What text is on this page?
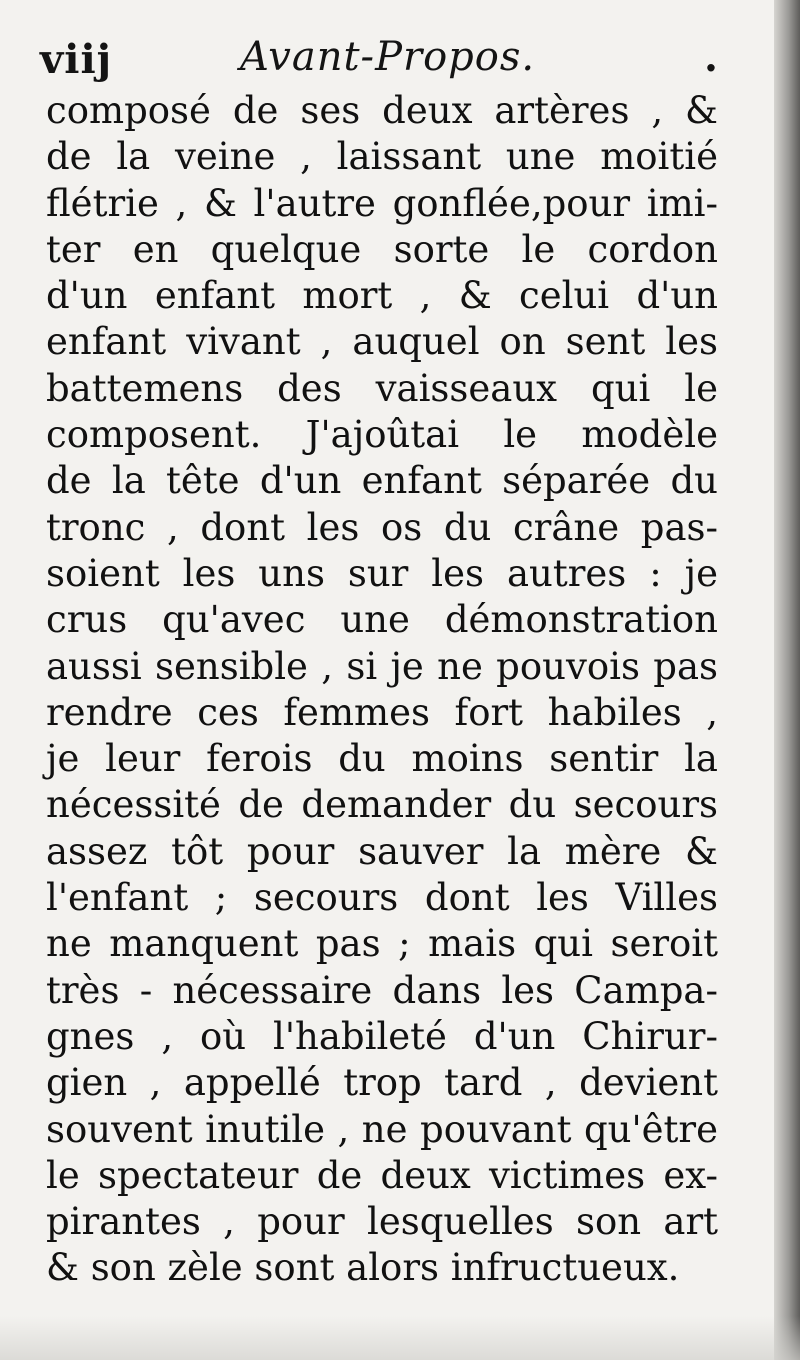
viij	Avant-Propos.	.
composé de ses deux artères , &
de la veine , laissant une moitié
flétrie , & l'autre gonflée,pour imi-
ter en quelque sorte le cordon
d'un enfant mort , & celui d'un
enfant vivant , auquel on sent les
battemens des vaisseaux qui le
composent. J'ajoûtai le modèle
de la tête d'un enfant séparée du
tronc , dont les os du crâne pas-
soient les uns sur les autres : je
crus qu'avec une démonstration
aussi sensible , si je ne pouvois pas
rendre ces femmes fort habiles ,
je leur ferois du moins sentir la
nécessité de demander du secours
assez tôt pour sauver la mère &
l'enfant ; secours dont les Villes
ne manquent pas ; mais qui seroit
très - nécessaire dans les Campa-
gnes , où l'habileté d'un Chirur-
gien , appellé trop tard , devient
souvent inutile , ne pouvant qu'être
le spectateur de deux victimes ex-
pirantes , pour lesquelles son art
& son zèle sont alors infructueux.
